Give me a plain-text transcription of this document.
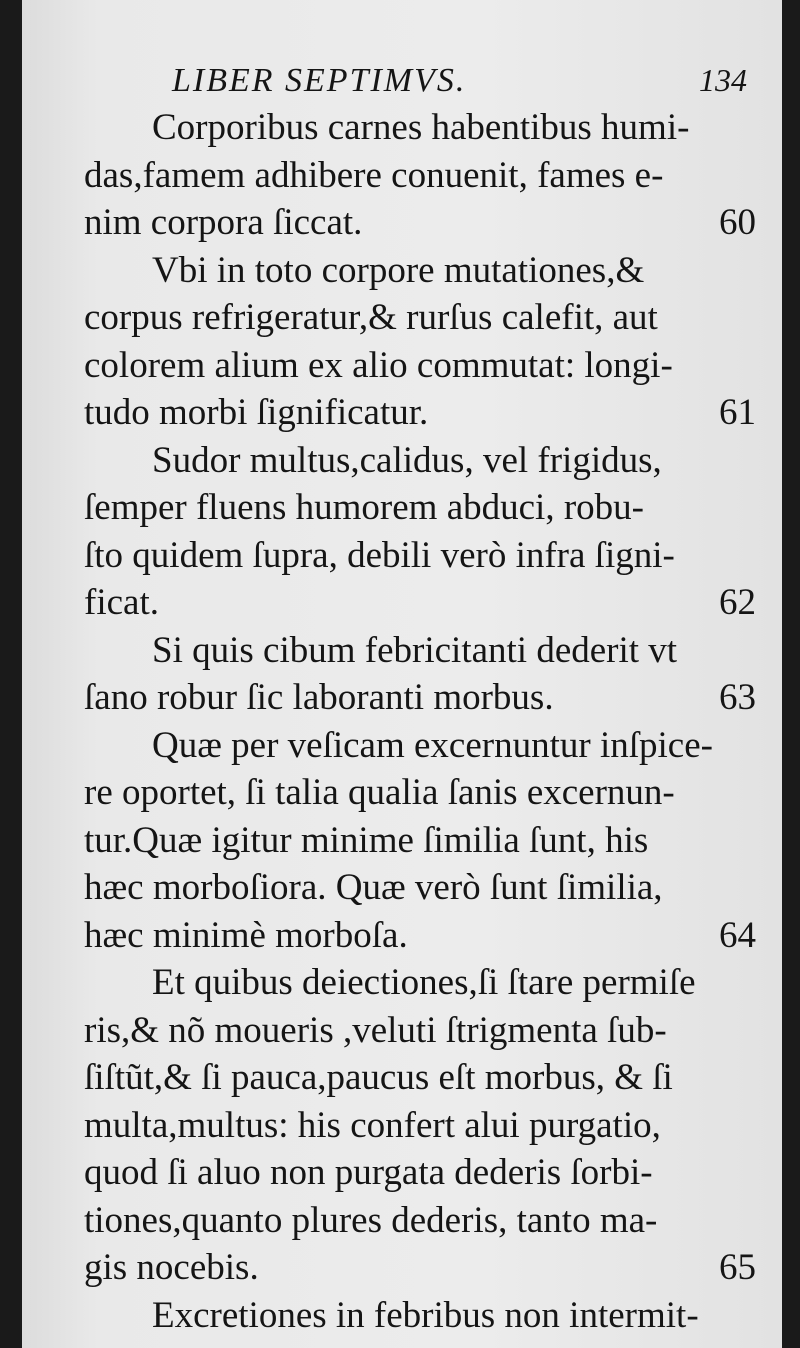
LIBER SEPTIMVS.	134
Corporibus carnes habentibus humi-
das,famem adhibere conuenit, fames e-
nim corpora ſiccat.	60
Vbi in toto corpore mutationes,&
corpus refrigeratur,& rurſus calefit, aut
colorem alium ex alio commutat: longi-
tudo morbi ſignificatur.	61
Sudor multus,calidus, vel frigidus,
ſemper fluens humorem abduci, robu-
ſto quidem ſupra, debili verò infra ſigni-
ficat.	62
Si quis cibum febricitanti dederit vt
ſano robur ſic laboranti morbus.	63
Quæ per veſicam excernuntur inſpice-
re oportet, ſi talia qualia ſanis excernun-
tur.Quæ igitur minime ſimilia ſunt, his
hæc morboſiora. Quæ verò ſunt ſimilia,
hæc minimè morboſa.	64
Et quibus deiectiones,ſi ſtare permiſe
ris,& nõ moueris ,veluti ſtrigmenta ſub-
ſiſtũt,& ſi pauca,paucus eſt morbus, & ſi
multa,multus: his confert alui purgatio,
quod ſi aluo non purgata dederis ſorbi-
tiones,quanto plures dederis, tanto ma-
gis nocebis.	65
Excretiones in febribus non intermit-
